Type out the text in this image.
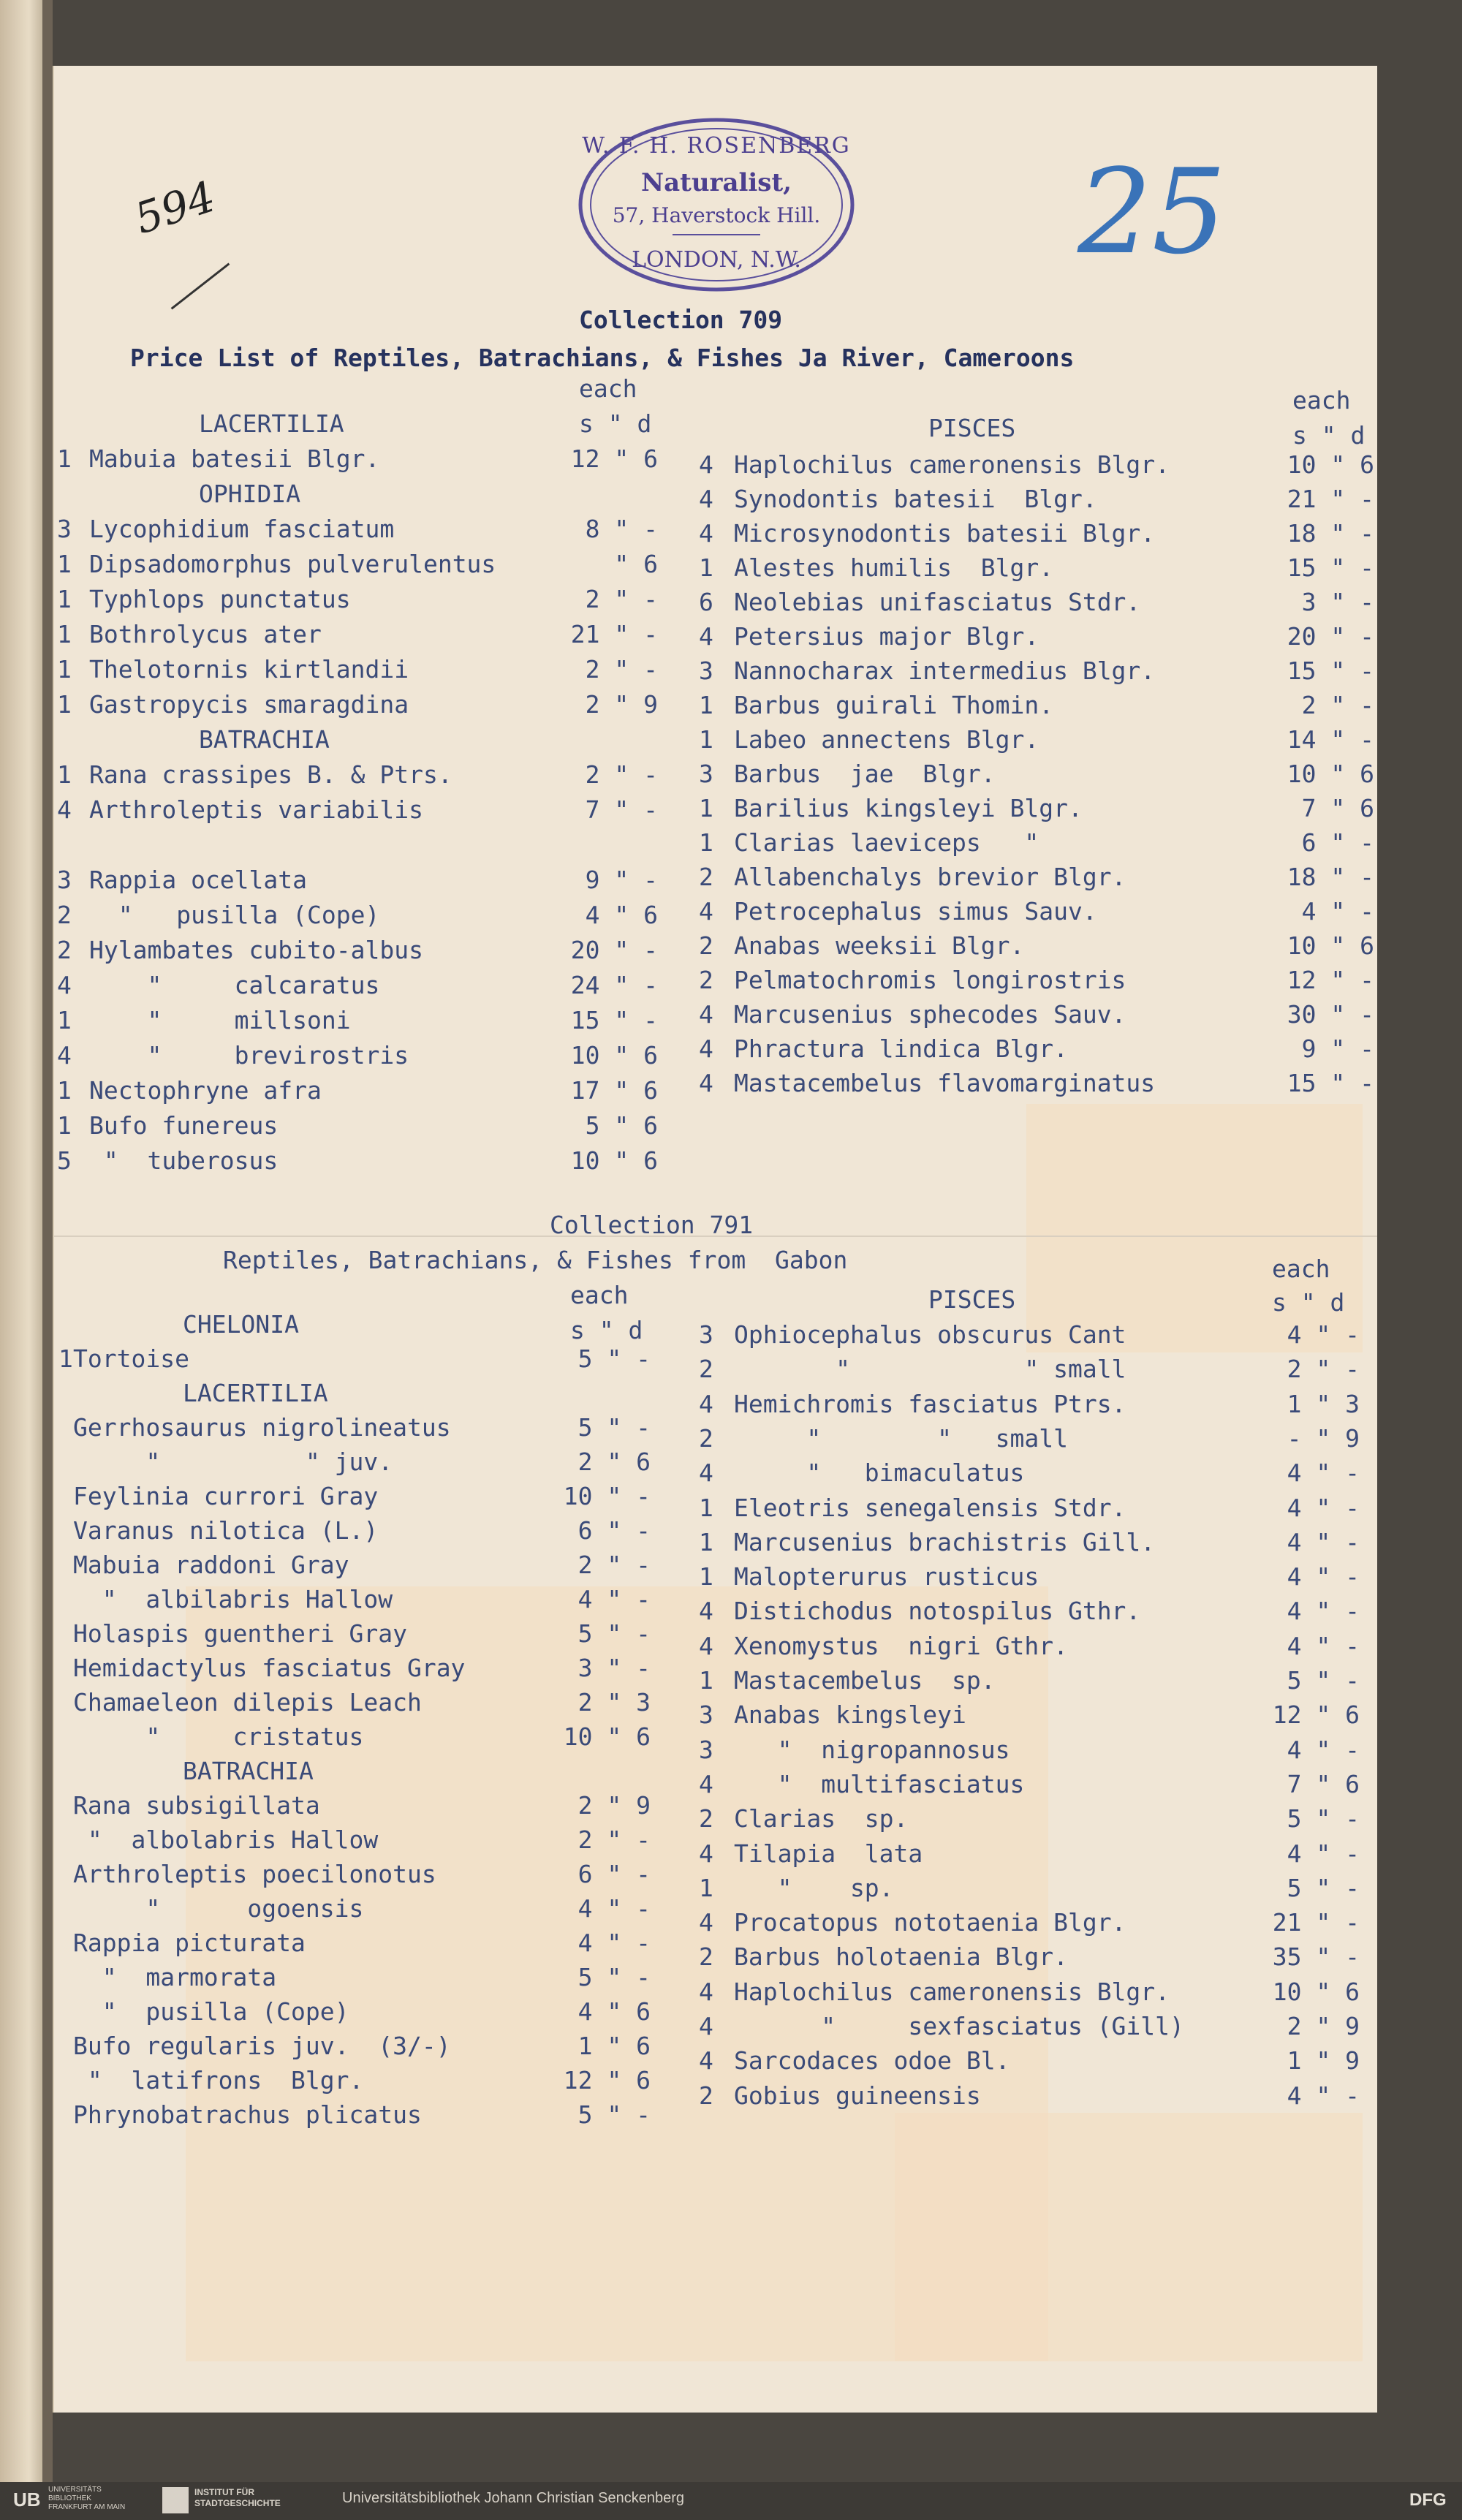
594	25
W. F. H. ROSENBERG
Naturalist,
57, Haverstock Hill.
LONDON, N.W.
Collection 709
Price List of Reptiles, Batrachians, & Fishes Ja River, Cameroons
each
s " d
each
s " d
PISCES
LACERTILIA
1 Mabuia batesii Blgr.	12 " 6
OPHIDIA
3 Lycophidium fasciatum	8 " -
1 Dipsadomorphus pulverulentus	" 6
1 Typhlops punctatus	2 " -
1 Bothrolycus ater	21 " -
1 Thelotornis kirtlandii	2 " -
1 Gastropycis smaragdina	2 " 9
BATRACHIA
1 Rana crassipes B. & Ptrs.	2 " -
4 Arthroleptis variabilis	7 " -
3 Rappia ocellata	9 " -
2 "   pusilla (Cope)	4 " 6
2 Hylambates cubito-albus	20 " -
4 "     calcaratus	24 " -
1 "     millsoni	15 " -
4 "     brevirostris	10 " 6
1 Nectophryne afra	17 " 6
1 Bufo funereus	5 " 6
5 "  tuberosus	10 " 6
4 Haplochilus cameronensis Blgr.	10 " 6
4 Synodontis batesii  Blgr.	21 " -
4 Microsynodontis batesii Blgr.	18 " -
1 Alestes humilis  Blgr.	15 " -
6 Neolebias unifasciatus Stdr.	3 " -
4 Petersius major Blgr.	20 " -
3 Nannocharax intermedius Blgr.	15 " -
1 Barbus guirali Thomin.	2 " -
1 Labeo annectens Blgr.	14 " -
3 Barbus  jae  Blgr.	10 " 6
1 Barilius kingsleyi Blgr.	7 " 6
1 Clarias laeviceps   "	6 " -
2 Allabenchalys brevior Blgr.	18 " -
4 Petrocephalus simus Sauv.	4 " -
2 Anabas weeksii Blgr.	10 " 6
2 Pelmatochromis longirostris	12 " -
4 Marcusenius sphecodes Sauv.	30 " -
4 Phractura lindica Blgr.	9 " -
4 Mastacembelus flavomarginatus	15 " -
Collection 791
Reptiles, Batrachians, & Fishes from  Gabon
each
s " d
each
s " d
PISCES
CHELONIA
1 Tortoise	5 " -
LACERTILIA
Gerrhosaurus nigrolineatus	5 " -
"          " juv.	2 " 6
Feylinia currori Gray	10 " -
Varanus nilotica (L.)	6 " -
Mabuia raddoni Gray	2 " -
"  albilabris Hallow	4 " -
Holaspis guentheri Gray	5 " -
Hemidactylus fasciatus Gray	3 " -
Chamaeleon dilepis Leach	2 " 3
"     cristatus	10 " 6
BATRACHIA
Rana subsigillata	2 " 9
"  albolabris Hallow	2 " -
Arthroleptis poecilonotus	6 " -
"      ogoensis	4 " -
Rappia picturata	4 " -
"  marmorata	5 " -
"  pusilla (Cope)	4 " 6
Bufo regularis juv.  (3/-)	1 " 6
"  latifrons  Blgr.	12 " 6
Phrynobatrachus plicatus	5 " -
3 Ophiocephalus obscurus Cant	4 " -
2 "            " small	2 " -
4 Hemichromis fasciatus Ptrs.	1 " 3
2 "        "   small	- " 9
4 "   bimaculatus	4 " -
1 Eleotris senegalensis Stdr.	4 " -
1 Marcusenius brachistris Gill.	4 " -
1 Malopterurus rusticus	4 " -
4 Distichodus notospilus Gthr.	4 " -
4 Xenomystus  nigri Gthr.	4 " -
1 Mastacembelus  sp.	5 " -
3 Anabas kingsleyi	12 " 6
3 "  nigropannosus	4 " -
4 "  multifasciatus	7 " 6
2 Clarias  sp.	5 " -
4 Tilapia  lata	4 " -
1 "    sp.	5 " -
4 Procatopus nototaenia Blgr.	21 " -
2 Barbus holotaenia Blgr.	35 " -
4 Haplochilus cameronensis Blgr.	10 " 6
4 "     sexfasciatus (Gill)	2 " 9
4 Sarcodaces odoe Bl.	1 " 9
2 Gobius guineensis	4 " -
UB UNIVERSITÄTS
BIBLIOTHEK
FRANKFURT AM MAIN
INSTITUT FÜR
STADTGESCHICHTE	Universitätsbibliothek Johann Christian Senckenberg	DFG
